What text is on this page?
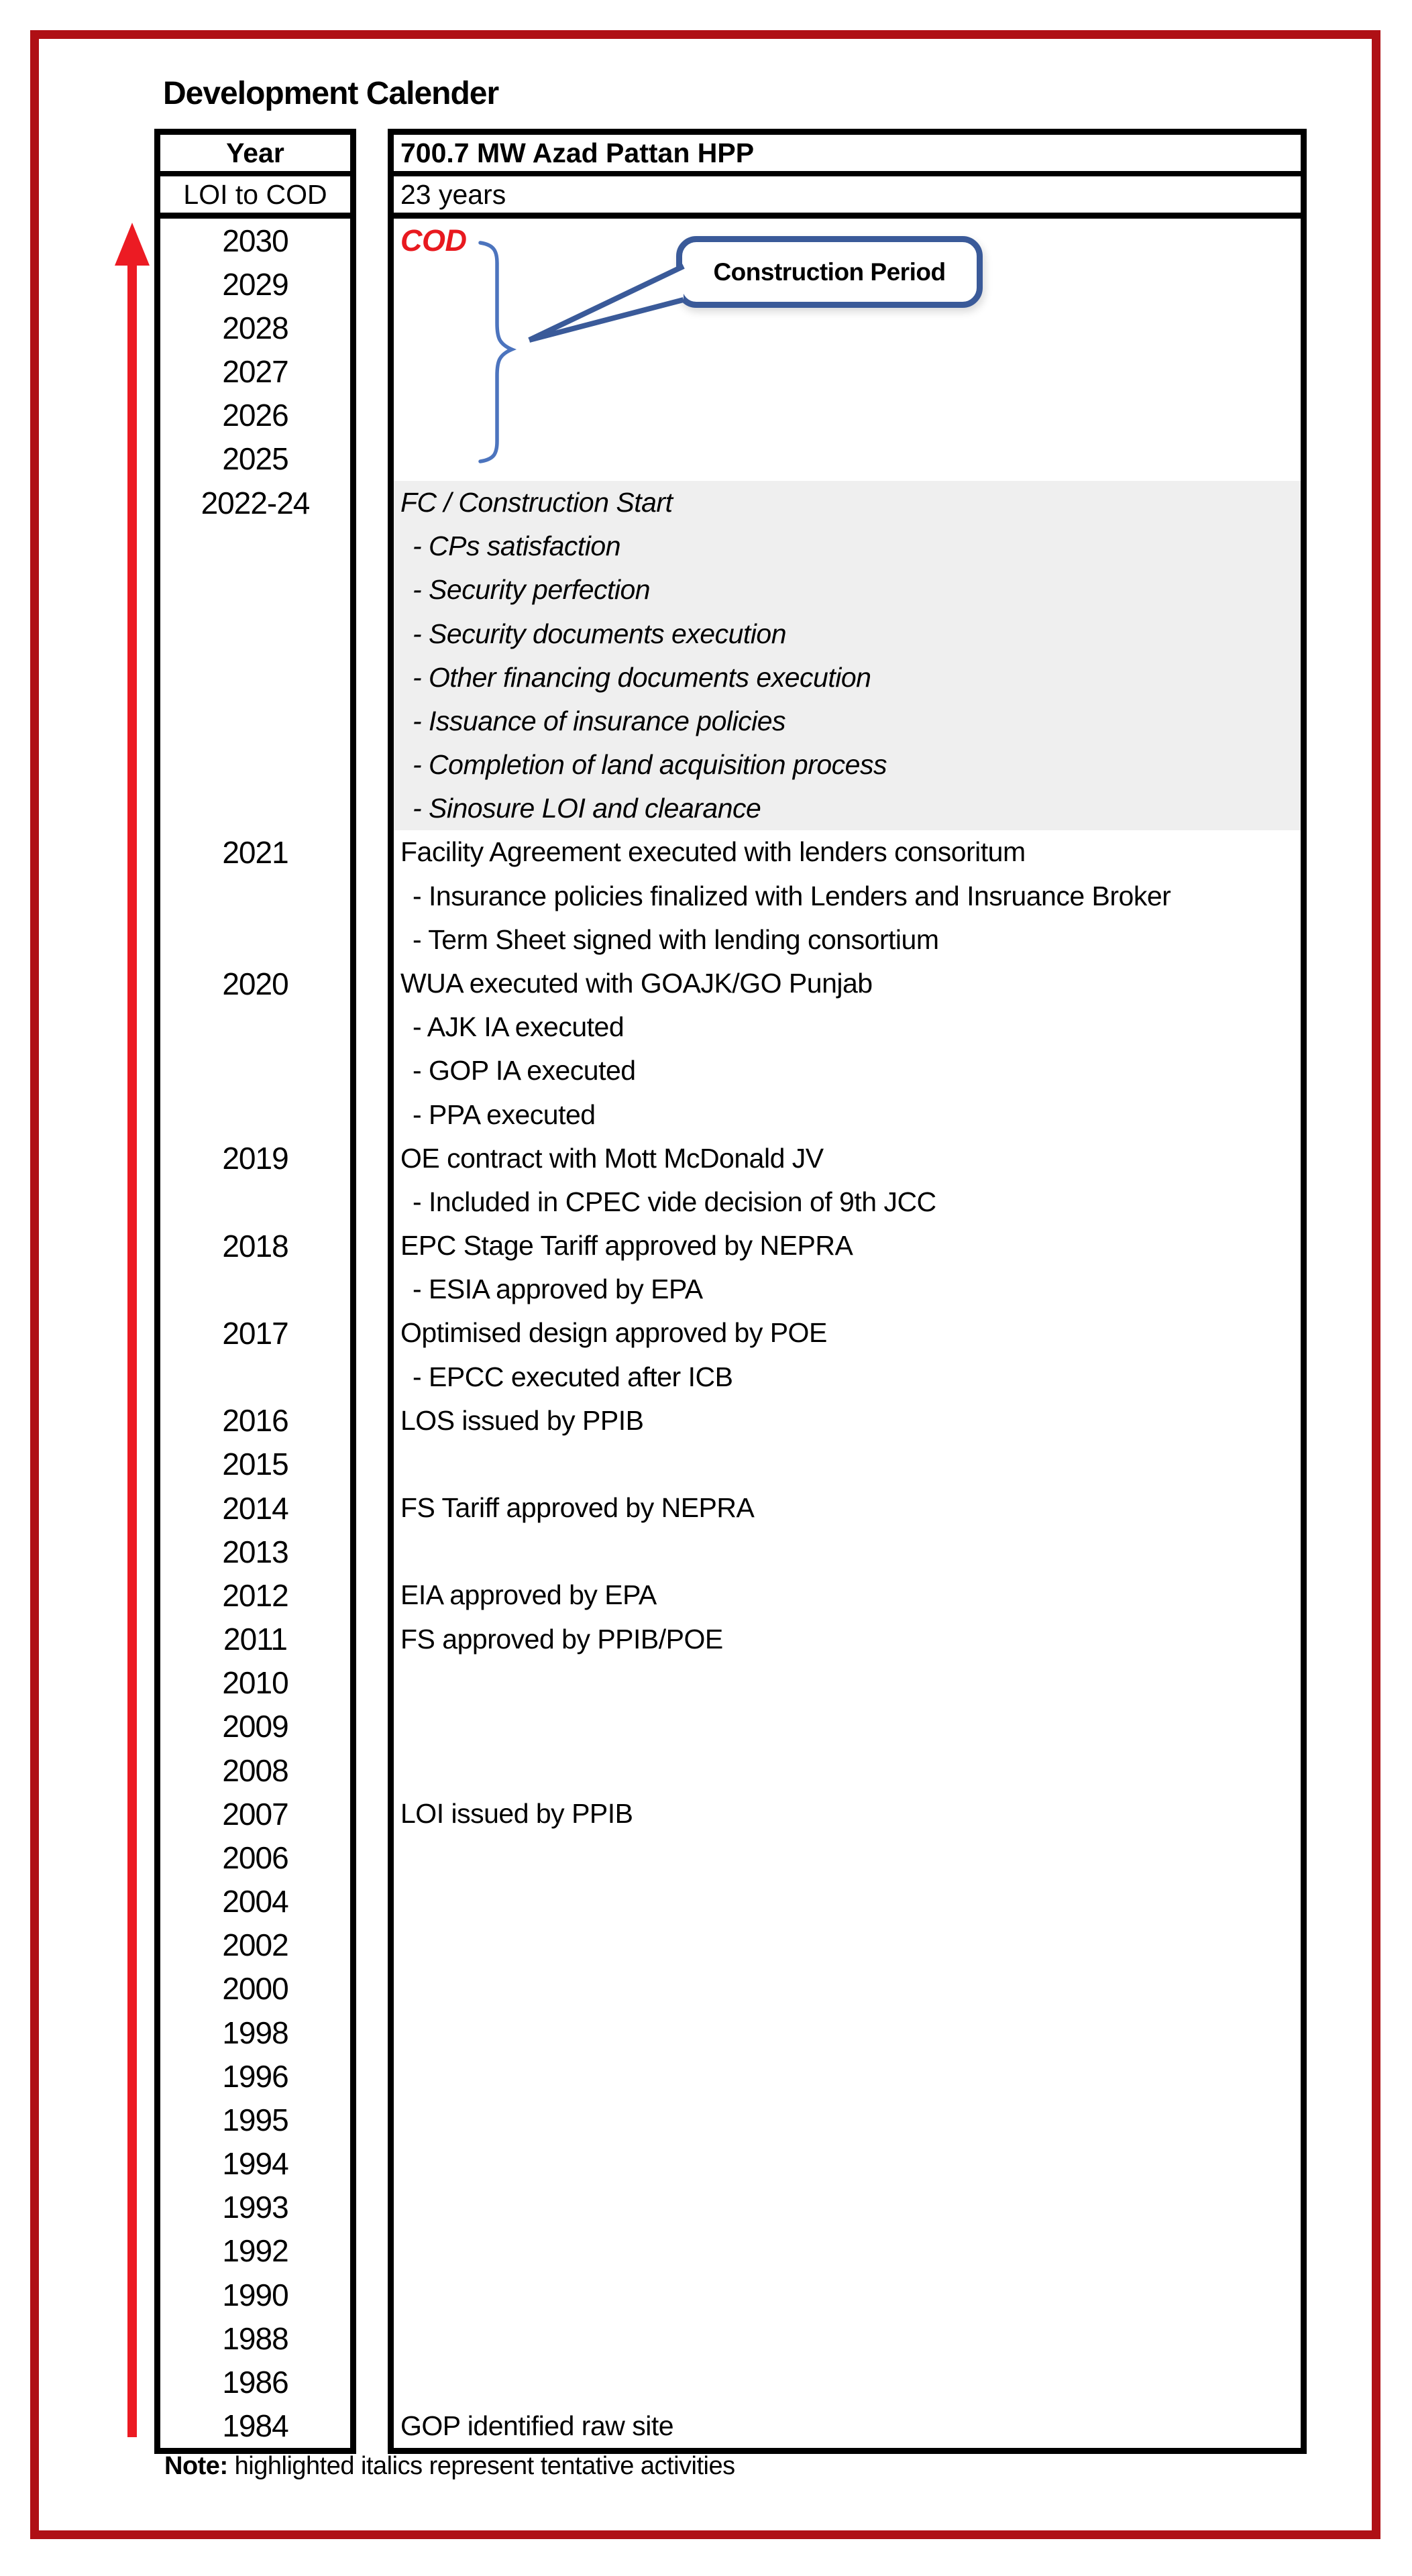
Development Calender
Year
LOI to COD
2030
2029
2028
2027
2026
2025
2022-24
2021
2020
2019
2018
2017
2016
2015
2014
2013
2012
2011
2010
2009
2008
2007
2006
2004
2002
2000
1998
1996
1995
1994
1993
1992
1990
1988
1986
1984
700.7 MW Azad Pattan HPP
23 years
COD
FC / Construction Start
- CPs satisfaction
- Security perfection
- Security documents execution
- Other financing documents execution
- Issuance of insurance policies
- Completion of land acquisition process
- Sinosure LOI and clearance
Facility Agreement executed with lenders consoritum
- Insurance policies finalized with Lenders and Insruance Broker
- Term Sheet signed with lending consortium
WUA executed with GOAJK/GO Punjab
- AJK IA executed
- GOP IA executed
- PPA executed
OE contract with Mott McDonald JV
- Included in CPEC vide decision of 9th JCC
EPC Stage Tariff approved by NEPRA
- ESIA approved by EPA
Optimised design approved by POE
- EPCC executed after ICB
LOS issued by PPIB
FS Tariff approved by NEPRA
EIA approved by EPA
FS approved by PPIB/POE
LOI issued by PPIB
GOP identified raw site
Construction Period
Note: highlighted italics represent tentative activities
